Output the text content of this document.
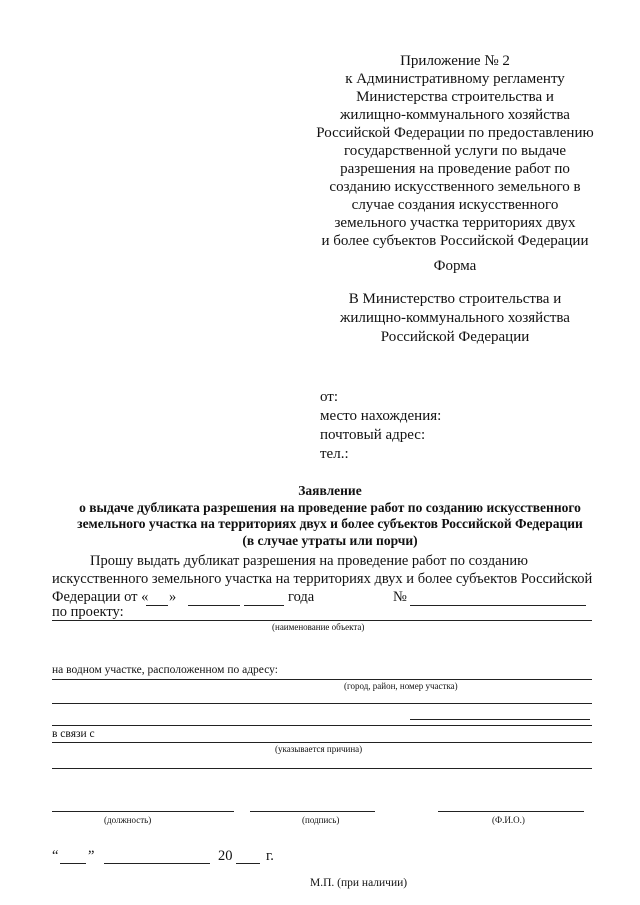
Приложение № 2
к Административному регламенту
Министерства строительства и
жилищно-коммунального хозяйства
Российской Федерации по предоставлению
государственной услуги по выдаче
разрешения на проведение работ по
созданию искусственного земельного в
случае создания искусственного
земельного участка территориях двух
и более субъектов Российской Федерации
Форма
В Министерство строительства и
жилищно-коммунального хозяйства
Российской Федерации
от:
место нахождения:
почтовый адрес:
тел.:
Заявление
о выдаче дубликата разрешения на проведение работ по созданию искусственного
земельного участка на территориях двух и более субъектов Российской Федерации
(в случае утраты или порчи)
Прошу выдать дубликат разрешения на проведение работ по созданию
искусственного земельного участка на территориях двух и более субъектов Российской
Федерации от « »	года	№
по проекту:
(наименование объекта)
на водном участке, расположенном по адресу:
(город, район, номер участка)
в связи с
(указывается причина)
(должность)	(подпись)	(Ф.И.О.)
“ ”	20 г.
М.П. (при наличии)
